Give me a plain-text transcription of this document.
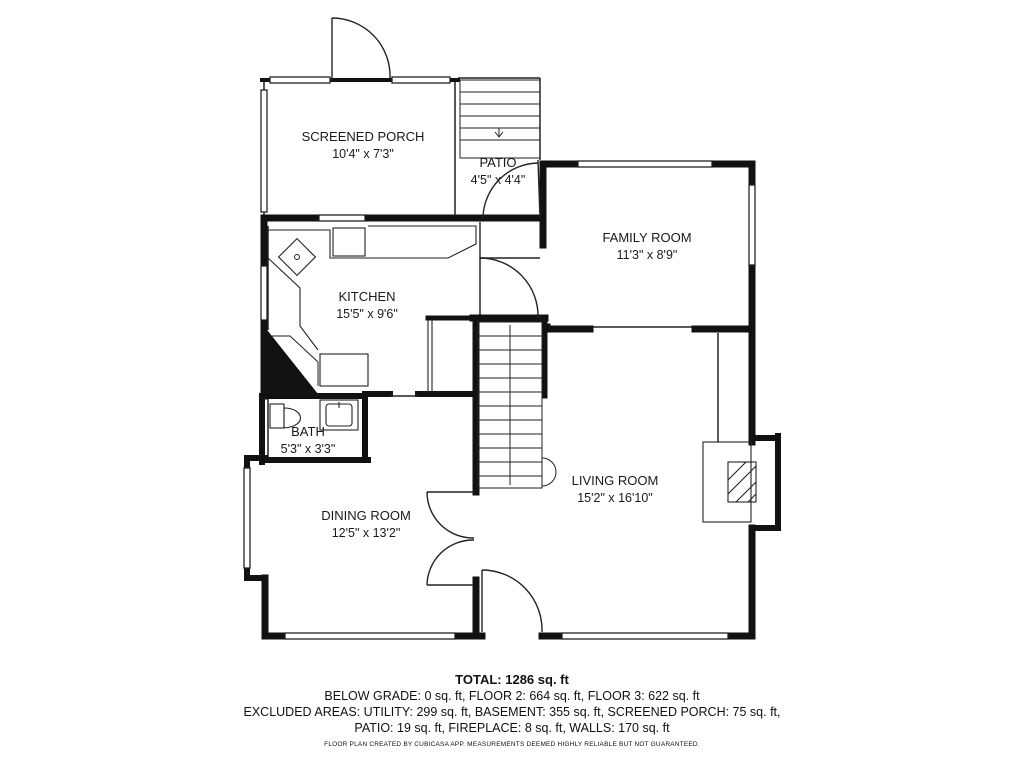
SCREENED PORCH
10'4" x 7'3"
PATIO
4'5" x 4'4"
FAMILY ROOM
11'3" x 8'9"
KITCHEN
15'5" x 9'6"
BATH
5'3" x 3'3"
DINING ROOM
12'5" x 13'2"
LIVING ROOM
15'2" x 16'10"
TOTAL: 1286 sq. ft
BELOW GRADE: 0 sq. ft, FLOOR 2: 664 sq. ft, FLOOR 3: 622 sq. ft
EXCLUDED AREAS: UTILITY: 299 sq. ft, BASEMENT: 355 sq. ft, SCREENED PORCH: 75 sq. ft,
PATIO: 19 sq. ft, FIREPLACE: 8 sq. ft, WALLS: 170 sq. ft
FLOOR PLAN CREATED BY CUBICASA APP. MEASUREMENTS DEEMED HIGHLY RELIABLE BUT NOT GUARANTEED.
